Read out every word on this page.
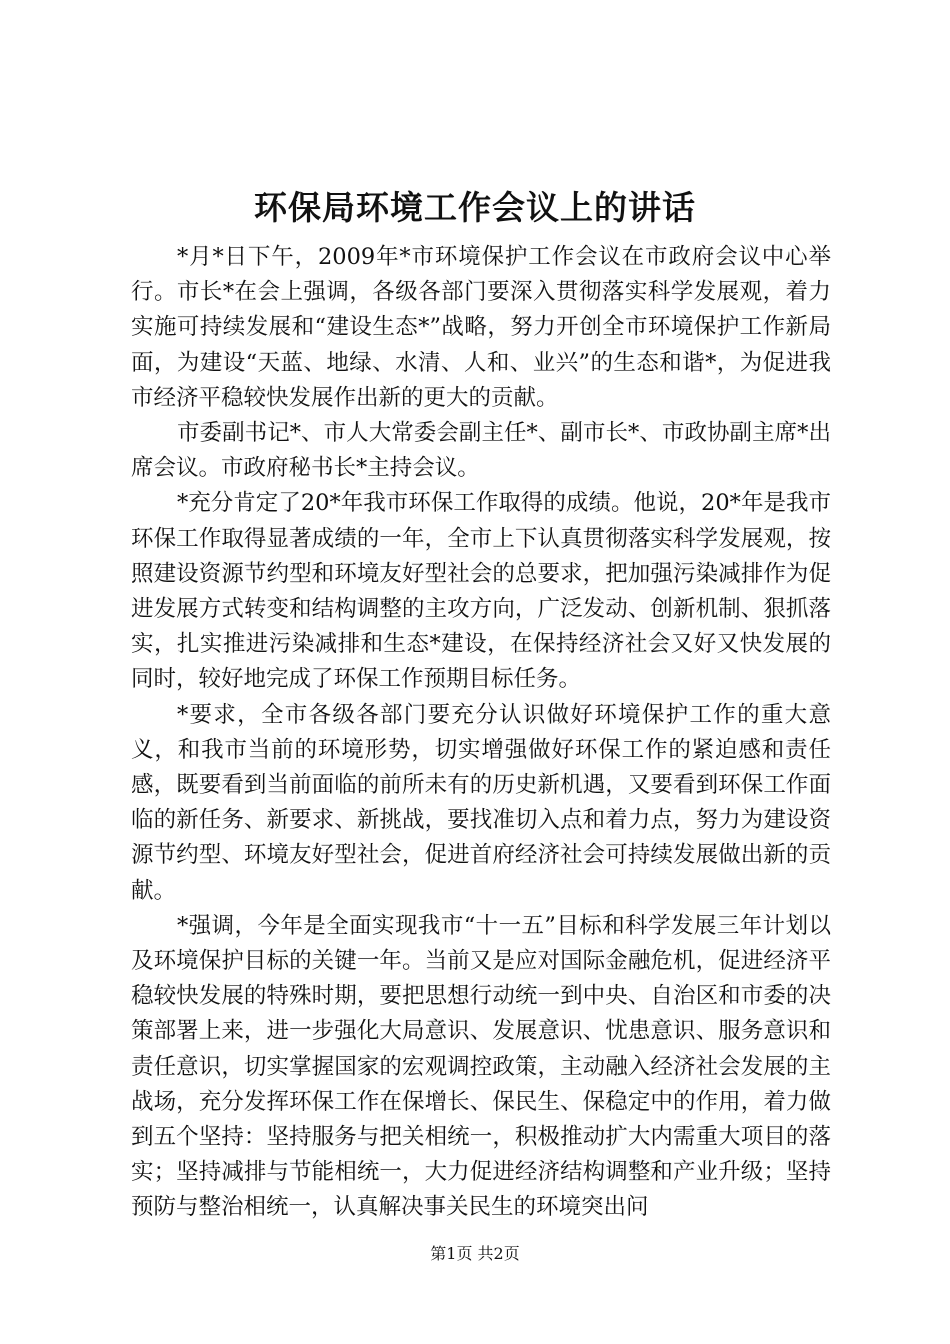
环保局环境工作会议上的讲话

*月*日下午，2009年*市环境保护工作会议在市政府会议中心举行。市长*在会上强调，各级各部门要深入贯彻落实科学发展观，着力实施可持续发展和“建设生态*”战略，努力开创全市环境保护工作新局面，为建设“天蓝、地绿、水清、人和、业兴”的生态和谐*，为促进我市经济平稳较快发展作出新的更大的贡献。

市委副书记*、市人大常委会副主任*、副市长*、市政协副主席*出席会议。市政府秘书长*主持会议。

*充分肯定了20*年我市环保工作取得的成绩。他说，20*年是我市环保工作取得显著成绩的一年，全市上下认真贯彻落实科学发展观，按照建设资源节约型和环境友好型社会的总要求，把加强污染减排作为促进发展方式转变和结构调整的主攻方向，广泛发动、创新机制、狠抓落实，扎实推进污染减排和生态*建设，在保持经济社会又好又快发展的同时，较好地完成了环保工作预期目标任务。

*要求，全市各级各部门要充分认识做好环境保护工作的重大意义，和我市当前的环境形势，切实增强做好环保工作的紧迫感和责任感，既要看到当前面临的前所未有的历史新机遇，又要看到环保工作面临的新任务、新要求、新挑战，要找准切入点和着力点，努力为建设资源节约型、环境友好型社会，促进首府经济社会可持续发展做出新的贡献。

*强调，今年是全面实现我市“十一五”目标和科学发展三年计划以及环境保护目标的关键一年。当前又是应对国际金融危机，促进经济平稳较快发展的特殊时期，要把思想行动统一到中央、自治区和市委的决策部署上来，进一步强化大局意识、发展意识、忧患意识、服务意识和责任意识，切实掌握国家的宏观调控政策，主动融入经济社会发展的主战场，充分发挥环保工作在保增长、保民生、保稳定中的作用，着力做到五个坚持：坚持服务与把关相统一，积极推动扩大内需重大项目的落实；坚持减排与节能相统一，大力促进经济结构调整和产业升级；坚持预防与整治相统一，认真解决事关民生的环境突出问

第1页 共2页
